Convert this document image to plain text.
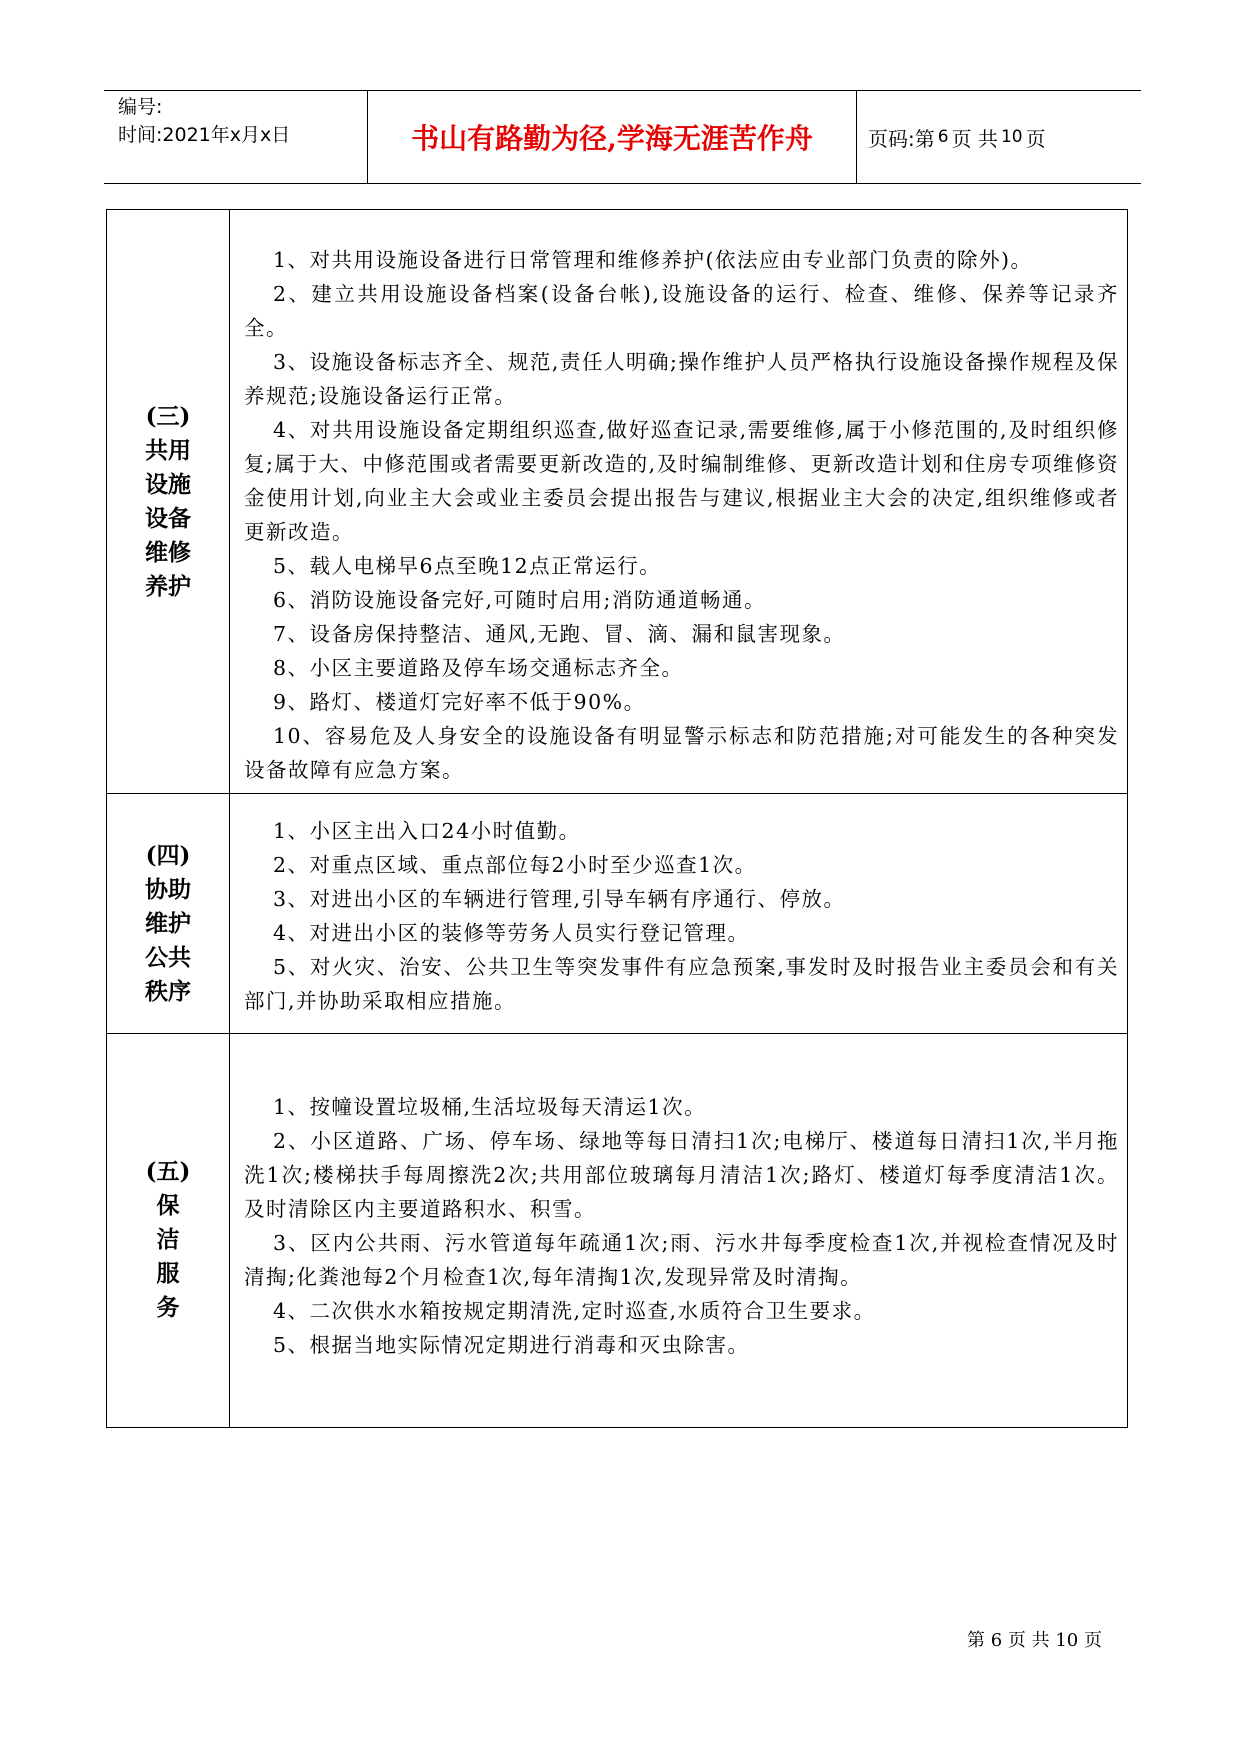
编号:
时间:2021年x月x日	书山有路勤为径,学海无涯苦作舟	页码:第 6 页 共 10 页
(三)
共用
设施
设备
维修
养护

1、对共用设施设备进行日常管理和维修养护(依法应由专业部门负责的除外)。

2、建立共用设施设备档案(设备台帐),设施设备的运行、检查、维修、保养等记录齐全。

3、设施设备标志齐全、规范,责任人明确;操作维护人员严格执行设施设备操作规程及保养规范;设施设备运行正常。

4、对共用设施设备定期组织巡查,做好巡查记录,需要维修,属于小修范围的,及时组织修复;属于大、中修范围或者需要更新改造的,及时编制维修、更新改造计划和住房专项维修资金使用计划,向业主大会或业主委员会提出报告与建议,根据业主大会的决定,组织维修或者更新改造。

5、载人电梯早6点至晚12点正常运行。

6、消防设施设备完好,可随时启用;消防通道畅通。

7、设备房保持整洁、通风,无跑、冒、滴、漏和鼠害现象。

8、小区主要道路及停车场交通标志齐全。

9、路灯、楼道灯完好率不低于90%。

10、容易危及人身安全的设施设备有明显警示标志和防范措施;对可能发生的各种突发设备故障有应急方案。

(四)
协助
维护
公共
秩序

1、小区主出入口24小时值勤。

2、对重点区域、重点部位每2小时至少巡查1次。

3、对进出小区的车辆进行管理,引导车辆有序通行、停放。

4、对进出小区的装修等劳务人员实行登记管理。

5、对火灾、治安、公共卫生等突发事件有应急预案,事发时及时报告业主委员会和有关部门,并协助采取相应措施。

(五)
保
洁
服
务

1、按幢设置垃圾桶,生活垃圾每天清运1次。

2、小区道路、广场、停车场、绿地等每日清扫1次;电梯厅、楼道每日清扫1次,半月拖洗1次;楼梯扶手每周擦洗2次;共用部位玻璃每月清洁1次;路灯、楼道灯每季度清洁1次。及时清除区内主要道路积水、积雪。

3、区内公共雨、污水管道每年疏通1次;雨、污水井每季度检查1次,并视检查情况及时清掏;化粪池每2个月检查1次,每年清掏1次,发现异常及时清掏。

4、二次供水水箱按规定期清洗,定时巡查,水质符合卫生要求。

5、根据当地实际情况定期进行消毒和灭虫除害。

第 6 页 共 10 页
